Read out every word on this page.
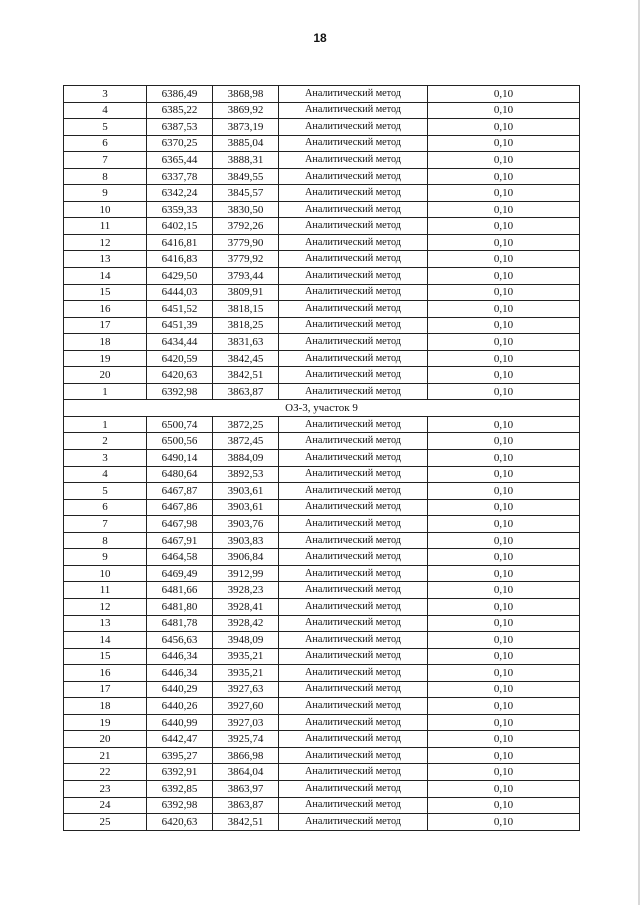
18
3	6386,49	3868,98	Аналитический метод	0,10
4	6385,22	3869,92	Аналитический метод	0,10
5	6387,53	3873,19	Аналитический метод	0,10
6	6370,25	3885,04	Аналитический метод	0,10
7	6365,44	3888,31	Аналитический метод	0,10
8	6337,78	3849,55	Аналитический метод	0,10
9	6342,24	3845,57	Аналитический метод	0,10
10	6359,33	3830,50	Аналитический метод	0,10
11	6402,15	3792,26	Аналитический метод	0,10
12	6416,81	3779,90	Аналитический метод	0,10
13	6416,83	3779,92	Аналитический метод	0,10
14	6429,50	3793,44	Аналитический метод	0,10
15	6444,03	3809,91	Аналитический метод	0,10
16	6451,52	3818,15	Аналитический метод	0,10
17	6451,39	3818,25	Аналитический метод	0,10
18	6434,44	3831,63	Аналитический метод	0,10
19	6420,59	3842,45	Аналитический метод	0,10
20	6420,63	3842,51	Аналитический метод	0,10
1	6392,98	3863,87	Аналитический метод	0,10
ОЗ-3, участок 9				
1	6500,74	3872,25	Аналитический метод	0,10
2	6500,56	3872,45	Аналитический метод	0,10
3	6490,14	3884,09	Аналитический метод	0,10
4	6480,64	3892,53	Аналитический метод	0,10
5	6467,87	3903,61	Аналитический метод	0,10
6	6467,86	3903,61	Аналитический метод	0,10
7	6467,98	3903,76	Аналитический метод	0,10
8	6467,91	3903,83	Аналитический метод	0,10
9	6464,58	3906,84	Аналитический метод	0,10
10	6469,49	3912,99	Аналитический метод	0,10
11	6481,66	3928,23	Аналитический метод	0,10
12	6481,80	3928,41	Аналитический метод	0,10
13	6481,78	3928,42	Аналитический метод	0,10
14	6456,63	3948,09	Аналитический метод	0,10
15	6446,34	3935,21	Аналитический метод	0,10
16	6446,34	3935,21	Аналитический метод	0,10
17	6440,29	3927,63	Аналитический метод	0,10
18	6440,26	3927,60	Аналитический метод	0,10
19	6440,99	3927,03	Аналитический метод	0,10
20	6442,47	3925,74	Аналитический метод	0,10
21	6395,27	3866,98	Аналитический метод	0,10
22	6392,91	3864,04	Аналитический метод	0,10
23	6392,85	3863,97	Аналитический метод	0,10
24	6392,98	3863,87	Аналитический метод	0,10
25	6420,63	3842,51	Аналитический метод	0,10
